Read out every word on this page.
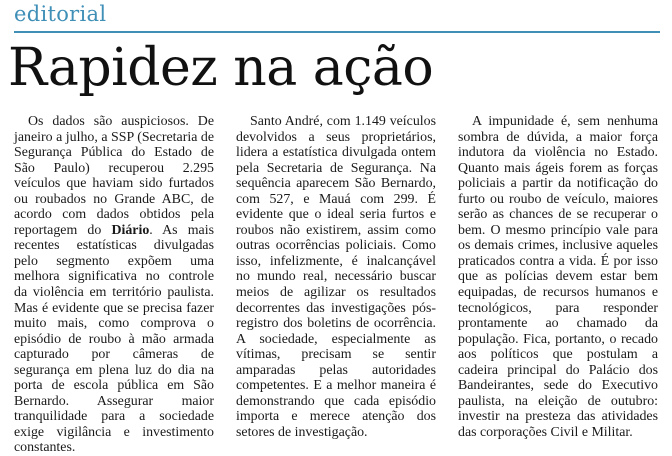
editorial
Rapidez na ação

Os dados são auspiciosos. De janeiro a julho, a SSP (Secretaria de Segurança Pública do Estado de São Paulo) recuperou 2.295 veículos que haviam sido furtados ou roubados no Grande ABC, de acordo com dados obtidos pela reportagem do Diário. As mais recentes estatísticas divulgadas pelo segmento expõem uma melhora significativa no controle da violência em território paulista. Mas é evidente que se precisa fazer muito mais, como comprova o episódio de roubo à mão armada capturado por câmeras de segurança em plena luz do dia na porta de escola pública em São Bernardo. Assegurar maior tranquilidade para a sociedade exige vigilância e investimento constantes.

Santo André, com 1.149 veículos devolvidos a seus proprietários, lidera a estatística divulgada ontem pela Secretaria de Segurança. Na sequência aparecem São Bernardo, com 527, e Mauá com 299. É evidente que o ideal seria furtos e roubos não existirem, assim como outras ocorrências policiais. Como isso, infelizmente, é inalcançável no mundo real, necessário buscar meios de agilizar os resultados decorrentes das investigações pós-registro dos boletins de ocorrência. A sociedade, especialmente as vítimas, precisam se sentir amparadas pelas autoridades competentes. E a melhor maneira é demonstrando que cada episódio importa e merece atenção dos setores de investigação.

A impunidade é, sem nenhuma sombra de dúvida, a maior força indutora da violência no Estado. Quanto mais ágeis forem as forças policiais a partir da notificação do furto ou roubo de veículo, maiores serão as chances de se recuperar o bem. O mesmo princípio vale para os demais crimes, inclusive aqueles praticados contra a vida. É por isso que as polícias devem estar bem equipadas, de recursos humanos e tecnológicos, para responder prontamente ao chamado da população. Fica, portanto, o recado aos políticos que postulam a cadeira principal do Palácio dos Bandeirantes, sede do Executivo paulista, na eleição de outubro: investir na presteza das atividades das corporações Civil e Militar.
